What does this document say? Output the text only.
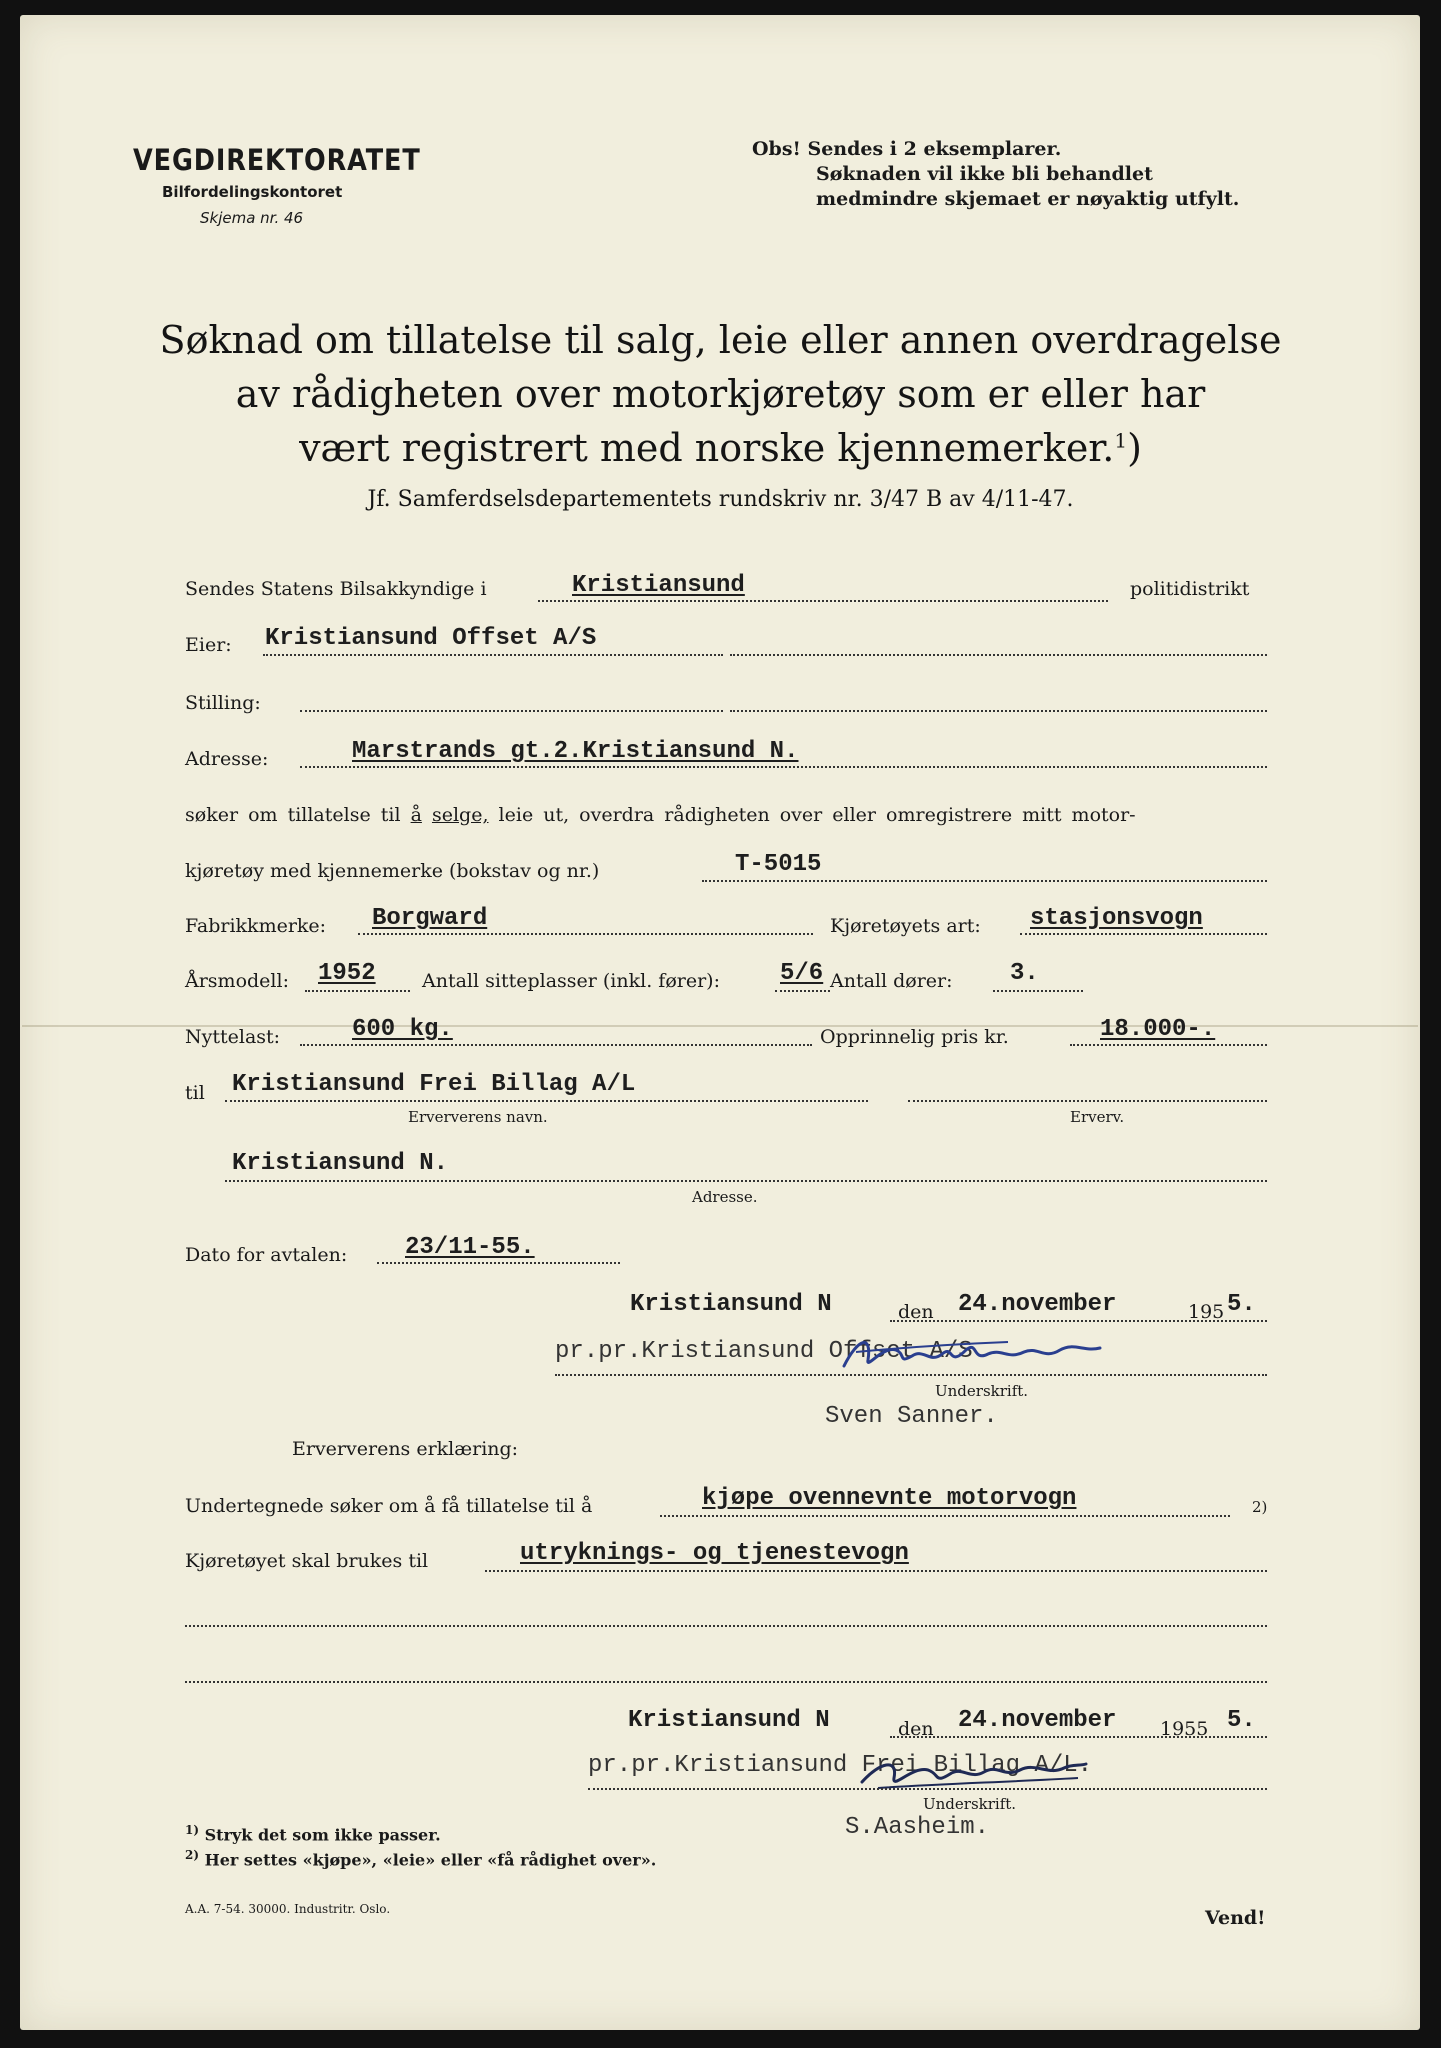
VEGDIREKTORATET
Bilfordelingskontoret
Skjema nr. 46
Obs! Sendes i 2 eksemplarer.
Søknaden vil ikke bli behandlet
medmindre skjemaet er nøyaktig utfylt.
Søknad om tillatelse til salg, leie eller annen overdragelse
av rådigheten over motorkjøretøy som er eller har
vært registrert med norske kjennemerker.$^1$)
Jf. Samferdselsdepartementets rundskriv nr. 3/47 B av 4/11-47.
Sendes Statens Bilsakkyndige i	Kristiansund	politidistrikt
Eier: Kristiansund Offset A/S
Stilling:
Adresse:	Marstrands gt.2.Kristiansund N.
søker om tillatelse til å selge, leie ut, overdra rådigheten over eller omregistrere mitt motor-
kjøretøy med kjennemerke (bokstav og nr.)	T-5015
Fabrikkmerke: Borgward	Kjøretøyets art: stasjonsvogn
Årsmodell: 1952 Antall sitteplasser (inkl. fører):	5/6 Antall dører: 3.
Nyttelast:	600 kg.	Opprinnelig pris kr.	18.000-.
til Kristiansund Frei Billag A/L
Erververens navn.	Erverv.
Kristiansund N.
Adresse.
Dato for avtalen: 23/11-55.
Kristiansund N	den 24.november	195 5.
pr.pr.Kristiansund Offset A/S
Underskrift.
Sven Sanner.
Erververens erklæring:
Undertegnede søker om å få tillatelse til å	kjøpe ovennevnte motorvogn	2)
Kjøretøyet skal brukes til	utryknings- og tjenestevogn
Kristiansund N	den 24.november 1955 5.
pr.pr.Kristiansund Frei Billag A/L.
Underskrift.
S.Aasheim.
$^{1)}$ Stryk det som ikke passer.
$^{2)}$ Her settes «kjøpe», «leie» eller «få rådighet over».
A.A. 7-54. 30000. Industritr. Oslo.	Vend!
